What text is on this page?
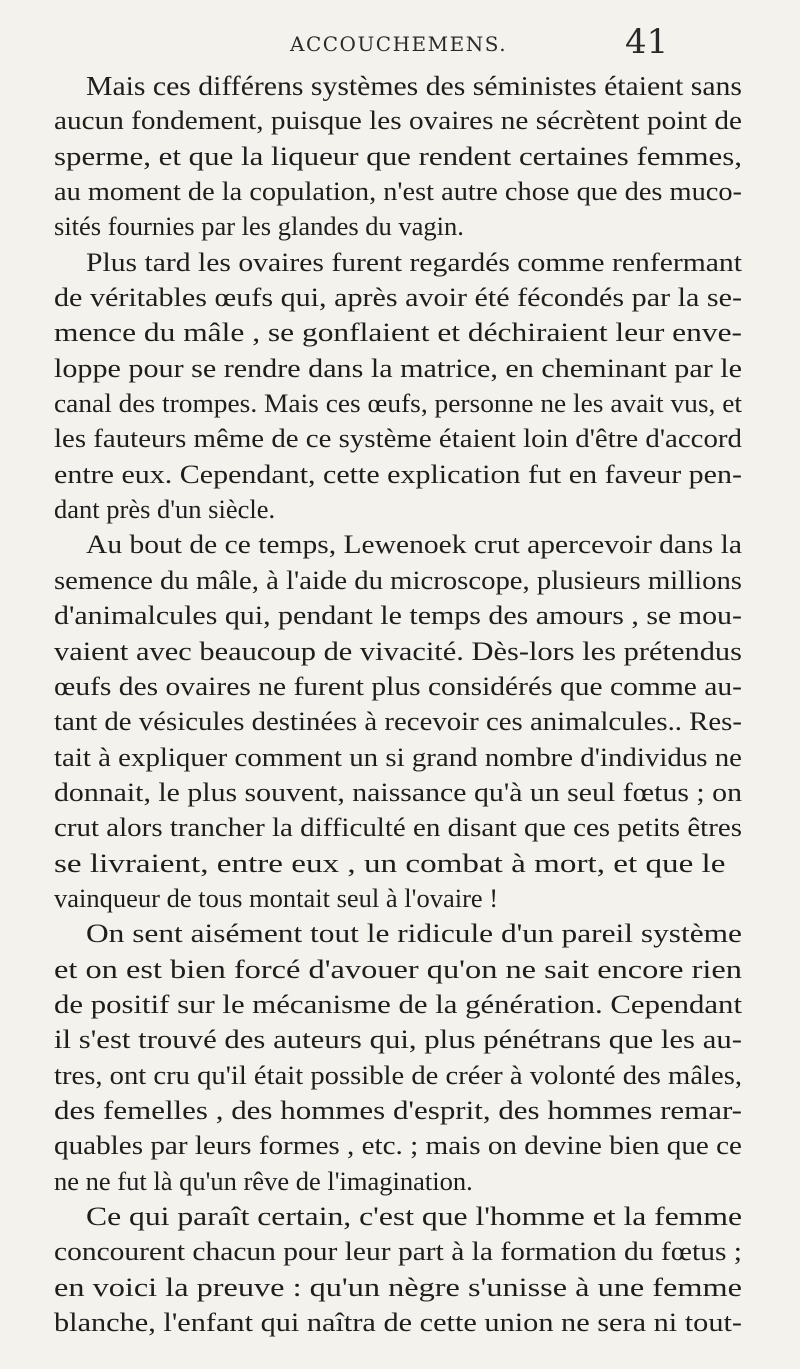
ACCOUCHEMENS.	41
Mais ces différens systèmes des séministes étaient sans
aucun fondement, puisque les ovaires ne sécrètent point de
sperme, et que la liqueur que rendent certaines femmes,
au moment de la copulation, n'est autre chose que des muco-
sités fournies par les glandes du vagin.
Plus tard les ovaires furent regardés comme renfermant
de véritables œufs qui, après avoir été fécondés par la se-
mence du mâle , se gonflaient et déchiraient leur enve-
loppe pour se rendre dans la matrice, en cheminant par le
canal des trompes. Mais ces œufs, personne ne les avait vus, et
les fauteurs même de ce système étaient loin d'être d'accord
entre eux. Cependant, cette explication fut en faveur pen-
dant près d'un siècle.
Au bout de ce temps, Lewenoek crut apercevoir dans la
semence du mâle, à l'aide du microscope, plusieurs millions
d'animalcules qui, pendant le temps des amours , se mou-
vaient avec beaucoup de vivacité. Dès-lors les prétendus
œufs des ovaires ne furent plus considérés que comme au-
tant de vésicules destinées à recevoir ces animalcules.. Res-
tait à expliquer comment un si grand nombre d'individus ne
donnait, le plus souvent, naissance qu'à un seul fœtus ; on
crut alors trancher la difficulté en disant que ces petits êtres
se livraient, entre eux , un combat à mort, et que le
vainqueur de tous montait seul à l'ovaire !
On sent aisément tout le ridicule d'un pareil système
et on est bien forcé d'avouer qu'on ne sait encore rien
de positif sur le mécanisme de la génération. Cependant
il s'est trouvé des auteurs qui, plus pénétrans que les au-
tres, ont cru qu'il était possible de créer à volonté des mâles,
des femelles , des hommes d'esprit, des hommes remar-
quables par leurs formes , etc. ; mais on devine bien que ce
ne ne fut là qu'un rêve de l'imagination.
Ce qui paraît certain, c'est que l'homme et la femme
concourent chacun pour leur part à la formation du fœtus ;
en voici la preuve : qu'un nègre s'unisse à une femme
blanche, l'enfant qui naîtra de cette union ne sera ni tout-
